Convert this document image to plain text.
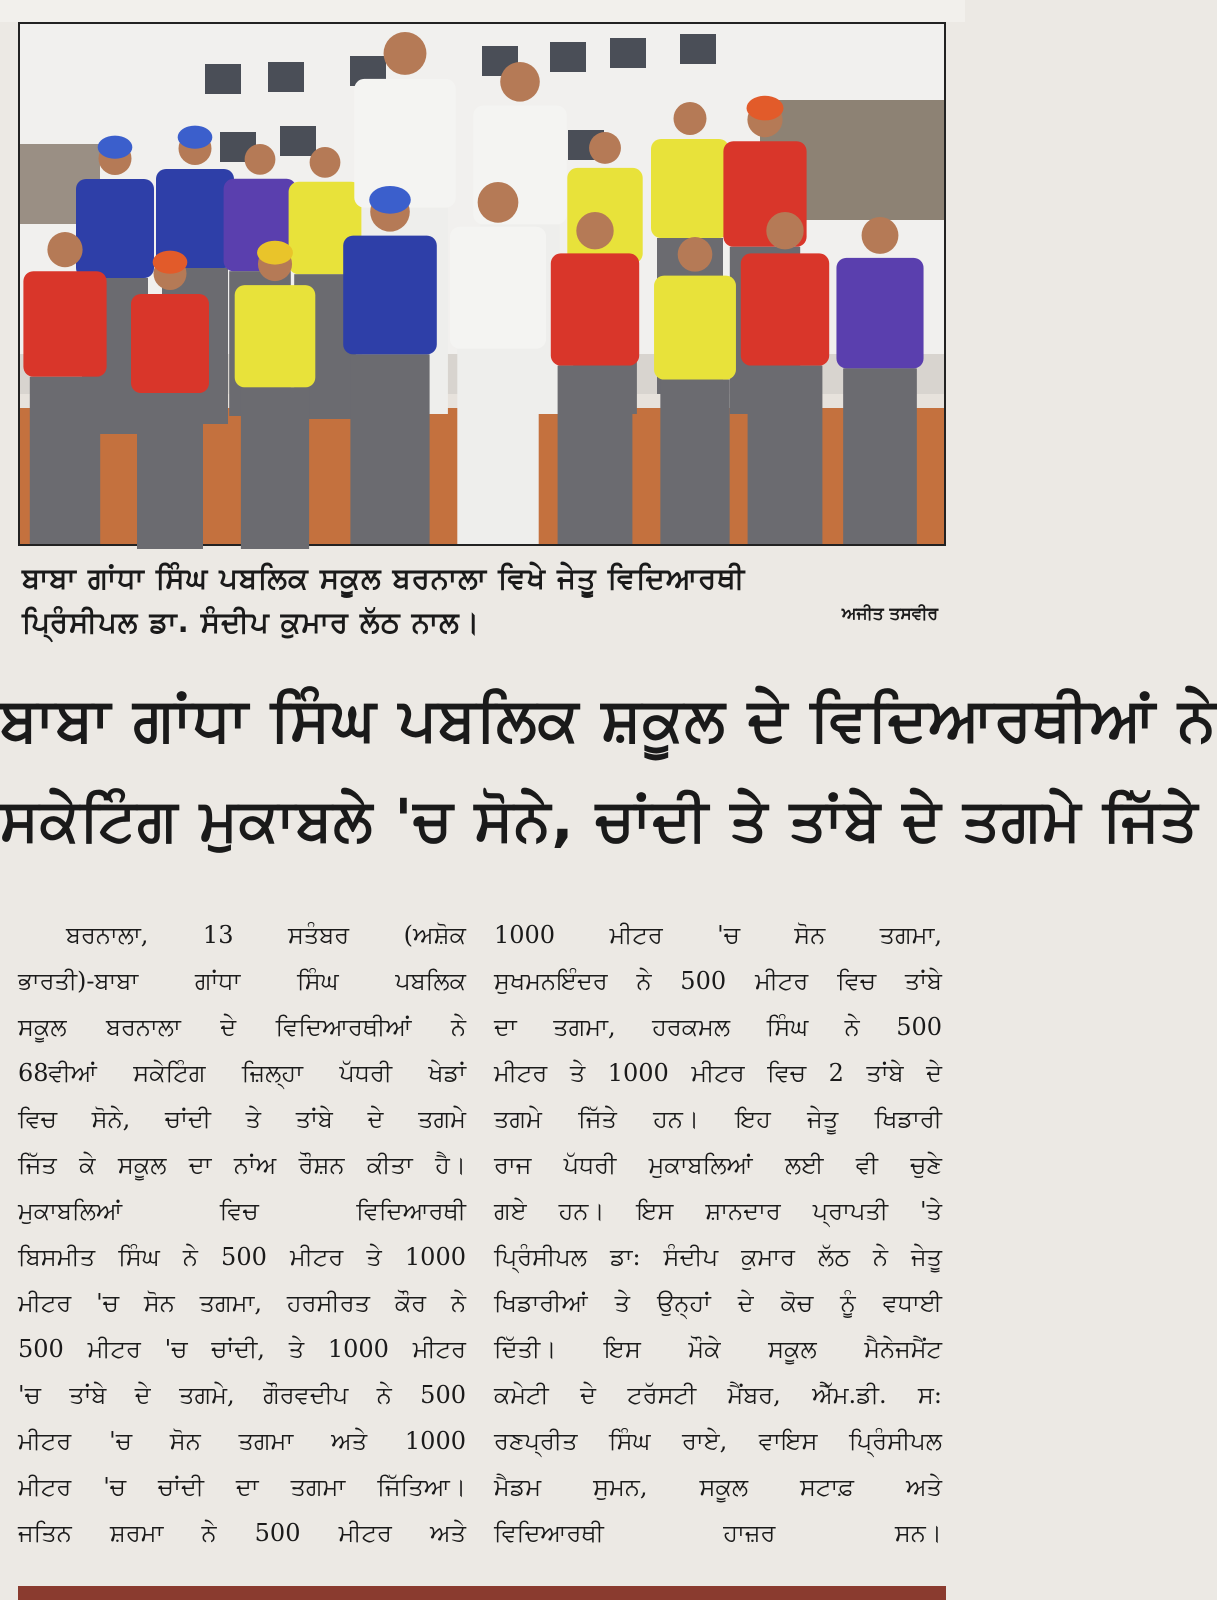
ਬਾਬਾ ਗਾਂਧਾ ਸਿੰਘ ਪਬਲਿਕ ਸਕੂਲ ਬਰਨਾਲਾ ਵਿਖੇ ਜੇਤੂ ਵਿਦਿਆਰਥੀ
ਪ੍ਰਿੰਸੀਪਲ ਡਾ. ਸੰਦੀਪ ਕੁਮਾਰ ਲੱਠ ਨਾਲ।	ਅਜੀਤ ਤਸਵੀਰ
ਬਾਬਾ ਗਾਂਧਾ ਸਿੰਘ ਪਬਲਿਕ ਸ਼ਕੂਲ ਦੇ ਵਿਦਿਆਰਥੀਆਂ ਨੇ
ਸਕੇਟਿੰਗ ਮੁਕਾਬਲੇ 'ਚ ਸੋਨੇ, ਚਾਂਦੀ ਤੇ ਤਾਂਬੇ ਦੇ ਤਗਮੇ ਜਿੱਤੇ
ਬਰਨਾਲਾ, 13 ਸਤੰਬਰ (ਅਸ਼ੋਕ
ਭਾਰਤੀ)-ਬਾਬਾ ਗਾਂਧਾ ਸਿੰਘ ਪਬਲਿਕ
ਸਕੂਲ ਬਰਨਾਲਾ ਦੇ ਵਿਦਿਆਰਥੀਆਂ ਨੇ
68ਵੀਆਂ ਸਕੇਟਿੰਗ ਜ਼ਿਲ੍ਹਾ ਪੱਧਰੀ ਖੇਡਾਂ
ਵਿਚ ਸੋਨੇ, ਚਾਂਦੀ ਤੇ ਤਾਂਬੇ ਦੇ ਤਗਮੇ
ਜਿੱਤ ਕੇ ਸਕੂਲ ਦਾ ਨਾਂਅ ਰੌਸ਼ਨ ਕੀਤਾ ਹੈ।
ਮੁਕਾਬਲਿਆਂ ਵਿਚ ਵਿਦਿਆਰਥੀ
ਬਿਸਮੀਤ ਸਿੰਘ ਨੇ 500 ਮੀਟਰ ਤੇ 1000
ਮੀਟਰ 'ਚ ਸੋਨ ਤਗਮਾ, ਹਰਸੀਰਤ ਕੌਰ ਨੇ
500 ਮੀਟਰ 'ਚ ਚਾਂਦੀ, ਤੇ 1000 ਮੀਟਰ
'ਚ ਤਾਂਬੇ ਦੇ ਤਗਮੇ, ਗੌਰਵਦੀਪ ਨੇ 500
ਮੀਟਰ 'ਚ ਸੋਨ ਤਗਮਾ ਅਤੇ 1000
ਮੀਟਰ 'ਚ ਚਾਂਦੀ ਦਾ ਤਗਮਾ ਜਿੱਤਿਆ।
ਜਤਿਨ ਸ਼ਰਮਾ ਨੇ 500 ਮੀਟਰ ਅਤੇ
1000 ਮੀਟਰ 'ਚ ਸੋਨ ਤਗਮਾ,
ਸੁਖਮਨਇੰਦਰ ਨੇ 500 ਮੀਟਰ ਵਿਚ ਤਾਂਬੇ
ਦਾ ਤਗਮਾ, ਹਰਕਮਲ ਸਿੰਘ ਨੇ 500
ਮੀਟਰ ਤੇ 1000 ਮੀਟਰ ਵਿਚ 2 ਤਾਂਬੇ ਦੇ
ਤਗਮੇ ਜਿੱਤੇ ਹਨ। ਇਹ ਜੇਤੂ ਖਿਡਾਰੀ
ਰਾਜ ਪੱਧਰੀ ਮੁਕਾਬਲਿਆਂ ਲਈ ਵੀ ਚੁਣੇ
ਗਏ ਹਨ। ਇਸ ਸ਼ਾਨਦਾਰ ਪ੍ਰਾਪਤੀ 'ਤੇ
ਪ੍ਰਿੰਸੀਪਲ ਡਾ: ਸੰਦੀਪ ਕੁਮਾਰ ਲੱਠ ਨੇ ਜੇਤੂ
ਖਿਡਾਰੀਆਂ ਤੇ ਉਨ੍ਹਾਂ ਦੇ ਕੋਚ ਨੂੰ ਵਧਾਈ
ਦਿੱਤੀ। ਇਸ ਮੌਕੇ ਸਕੂਲ ਮੈਨੇਜਮੈਂਟ
ਕਮੇਟੀ ਦੇ ਟਰੱਸਟੀ ਮੈਂਬਰ, ਐੱਮ.ਡੀ. ਸ:
ਰਣਪ੍ਰੀਤ ਸਿੰਘ ਰਾਏ, ਵਾਇਸ ਪ੍ਰਿੰਸੀਪਲ
ਮੈਡਮ ਸੁਮਨ, ਸਕੂਲ ਸਟਾਫ਼ ਅਤੇ
ਵਿਦਿਆਰਥੀ ਹਾਜ਼ਰ ਸਨ।
